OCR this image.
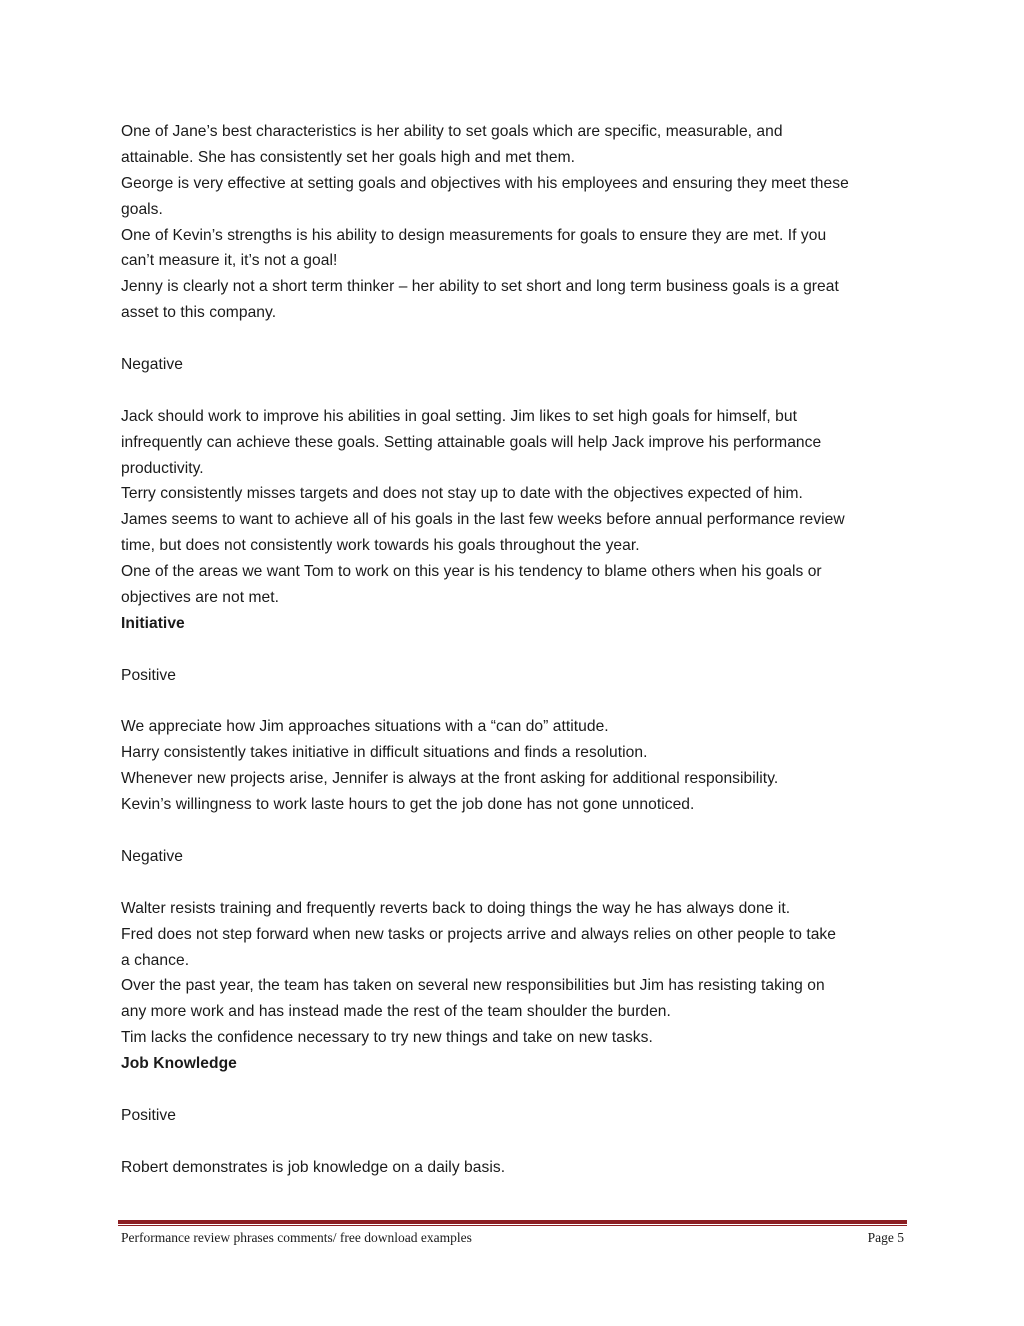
One of Jane’s best characteristics is her ability to set goals which are specific, measurable, and
attainable. She has consistently set her goals high and met them.
George is very effective at setting goals and objectives with his employees and ensuring they meet these
goals.
One of Kevin’s strengths is his ability to design measurements for goals to ensure they are met. If you
can’t measure it, it’s not a goal!
Jenny is clearly not a short term thinker – her ability to set short and long term business goals is a great
asset to this company.
Negative
Jack should work to improve his abilities in goal setting. Jim likes to set high goals for himself, but
infrequently can achieve these goals. Setting attainable goals will help Jack improve his performance
productivity.
Terry consistently misses targets and does not stay up to date with the objectives expected of him.
James seems to want to achieve all of his goals in the last few weeks before annual performance review
time, but does not consistently work towards his goals throughout the year.
One of the areas we want Tom to work on this year is his tendency to blame others when his goals or
objectives are not met.
Initiative
Positive
We appreciate how Jim approaches situations with a “can do” attitude.
Harry consistently takes initiative in difficult situations and finds a resolution.
Whenever new projects arise, Jennifer is always at the front asking for additional responsibility.
Kevin’s willingness to work laste hours to get the job done has not gone unnoticed.
Negative
Walter resists training and frequently reverts back to doing things the way he has always done it.
Fred does not step forward when new tasks or projects arrive and always relies on other people to take
a chance.
Over the past year, the team has taken on several new responsibilities but Jim has resisting taking on
any more work and has instead made the rest of the team shoulder the burden.
Tim lacks the confidence necessary to try new things and take on new tasks.
Job Knowledge
Positive
Robert demonstrates is job knowledge on a daily basis.
Performance review phrases comments/ free download examples	Page 5
